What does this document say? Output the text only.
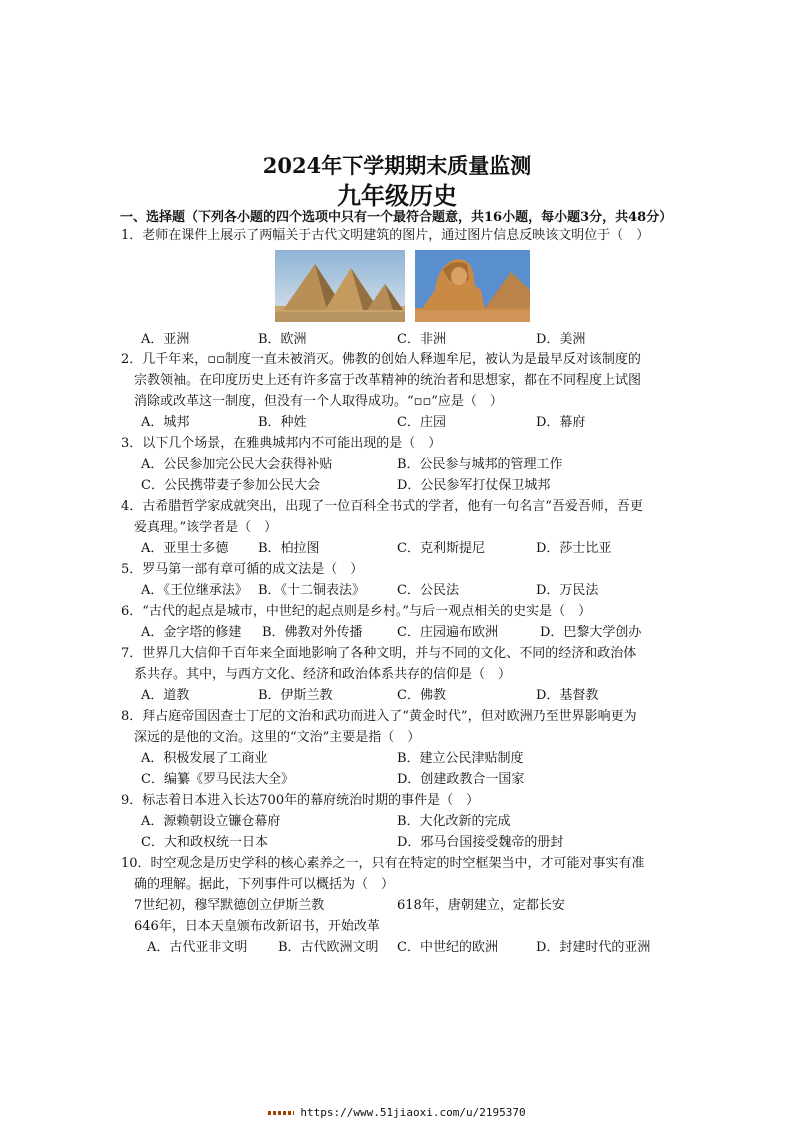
2024年下学期期末质量监测
九年级历史
一、选择题（下列各小题的四个选项中只有一个最符合题意，共16小题，每小题3分，共48分）
1．老师在课件上展示了两幅关于古代文明建筑的图片，通过图片信息反映该文明位于（　）
A．亚洲	B．欧洲	C．非洲	D．美洲
2．几千年来，▫▫制度一直未被消灭。佛教的创始人释迦牟尼，被认为是最早反对该制度的
宗教领袖。在印度历史上还有许多富于改革精神的统治者和思想家，都在不同程度上试图
消除或改革这一制度，但没有一个人取得成功。“▫▫”应是（　）
A．城邦	B．种姓	C．庄园	D．幕府
3．以下几个场景，在雅典城邦内不可能出现的是（　）
A．公民参加完公民大会获得补贴	B．公民参与城邦的管理工作
C．公民携带妻子参加公民大会	D．公民参军打仗保卫城邦
4．古希腊哲学家成就突出，出现了一位百科全书式的学者，他有一句名言“吾爱吾师，吾更
爱真理。”该学者是（　）
A．亚里士多德 B．柏拉图	C．克利斯提尼	D．莎士比亚
5．罗马第一部有章可循的成文法是（　）
A．《王位继承法》 B．《十二铜表法》 C．公民法	D．万民法
6．“古代的起点是城市，中世纪的起点则是乡村。”与后一观点相关的史实是（　）
A．金字塔的修建 B．佛教对外传播	C．庄园遍布欧洲	D．巴黎大学创办
7．世界几大信仰千百年来全面地影响了各种文明，并与不同的文化、不同的经济和政治体
系共存。其中，与西方文化、经济和政治体系共存的信仰是（　）
A．道教	B．伊斯兰教	C．佛教	D．基督教
8．拜占庭帝国因查士丁尼的文治和武功而进入了“黄金时代”，但对欧洲乃至世界影响更为
深远的是他的文治。这里的“文治”主要是指（　）
A．积极发展了工商业	B．建立公民津贴制度
C．编纂《罗马民法大全》	D．创建政教合一国家
9．标志着日本进入长达700年的幕府统治时期的事件是（　）
A．源赖朝设立镰仓幕府	B．大化改新的完成
C．大和政权统一日本	D．邪马台国接受魏帝的册封
10．时空观念是历史学科的核心素养之一，只有在特定的时空框架当中，才可能对事实有准
确的理解。据此，下列事件可以概括为（　）
7世纪初，穆罕默德创立伊斯兰教	618年，唐朝建立，定都长安
646年，日本天皇颁布改新诏书，开始改革
A．古代亚非文明 B．古代欧洲文明 C．中世纪的欧洲	D．封建时代的亚洲
https://www.51jiaoxi.com/u/2195370
